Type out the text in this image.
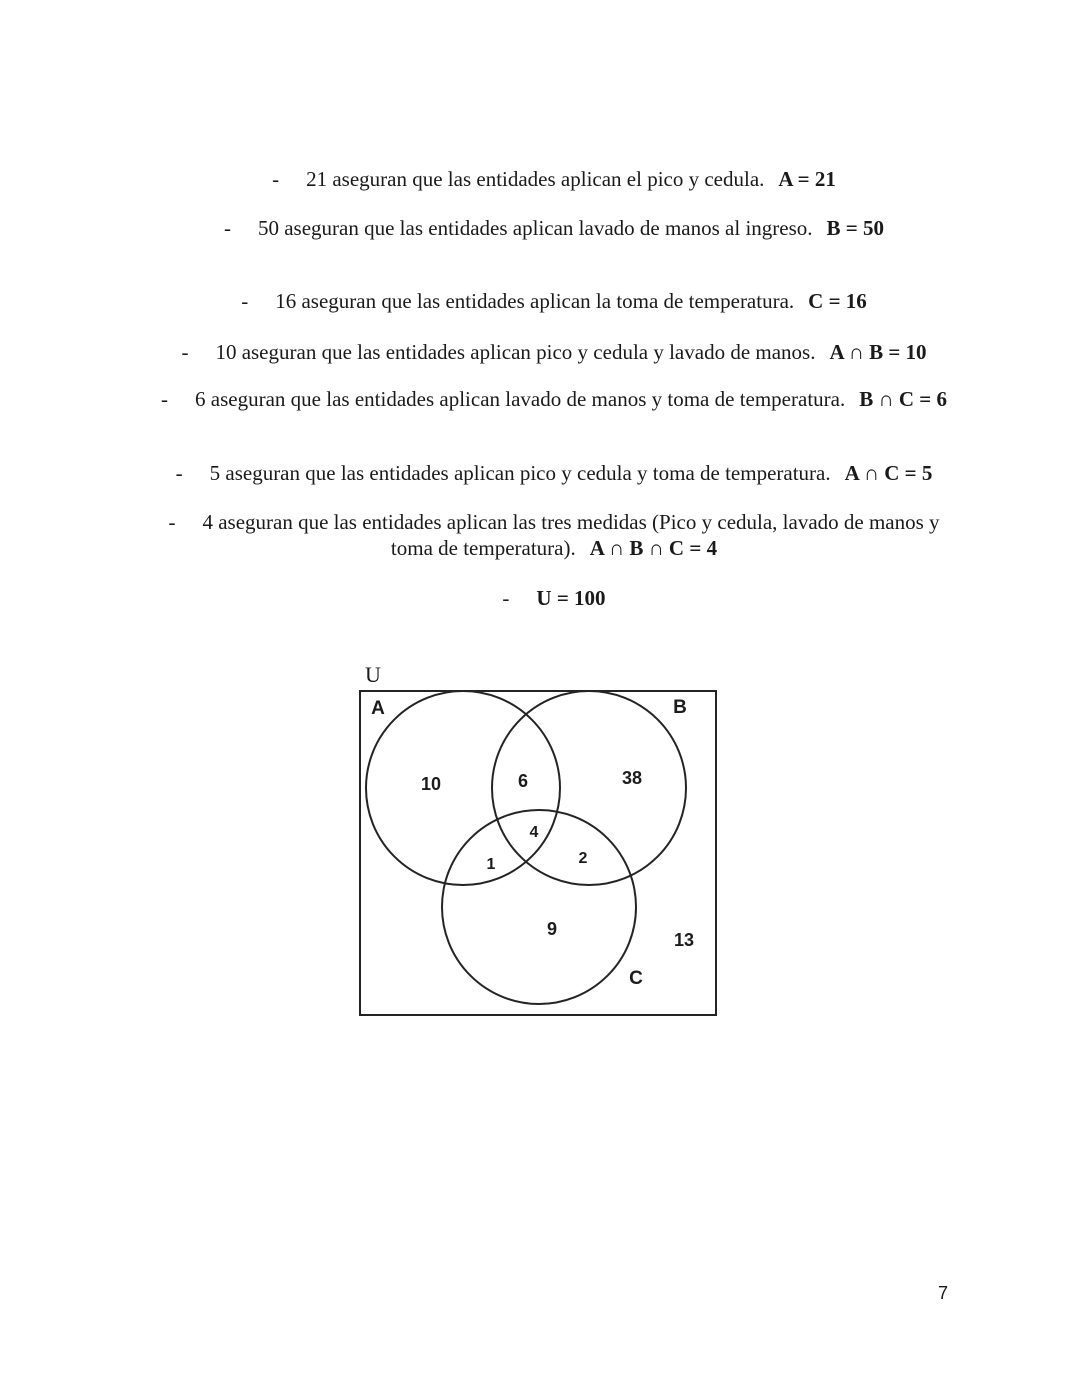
- 21 aseguran que las entidades aplican el pico y cedula. A = 21
- 50 aseguran que las entidades aplican lavado de manos al ingreso. B = 50
- 16 aseguran que las entidades aplican la toma de temperatura. C = 16
- 10 aseguran que las entidades aplican pico y cedula y lavado de manos. A ∩ B = 10
- 6 aseguran que las entidades aplican lavado de manos y toma de temperatura. B ∩ C = 6
- 5 aseguran que las entidades aplican pico y cedula y toma de temperatura. A ∩ C = 5
- 4 aseguran que las entidades aplican las tres medidas (Pico y cedula, lavado de manos y
toma de temperatura). A ∩ B ∩ C = 4
- U = 100
U
A	B
C
10	6	38
4
1	2
9
13
7
